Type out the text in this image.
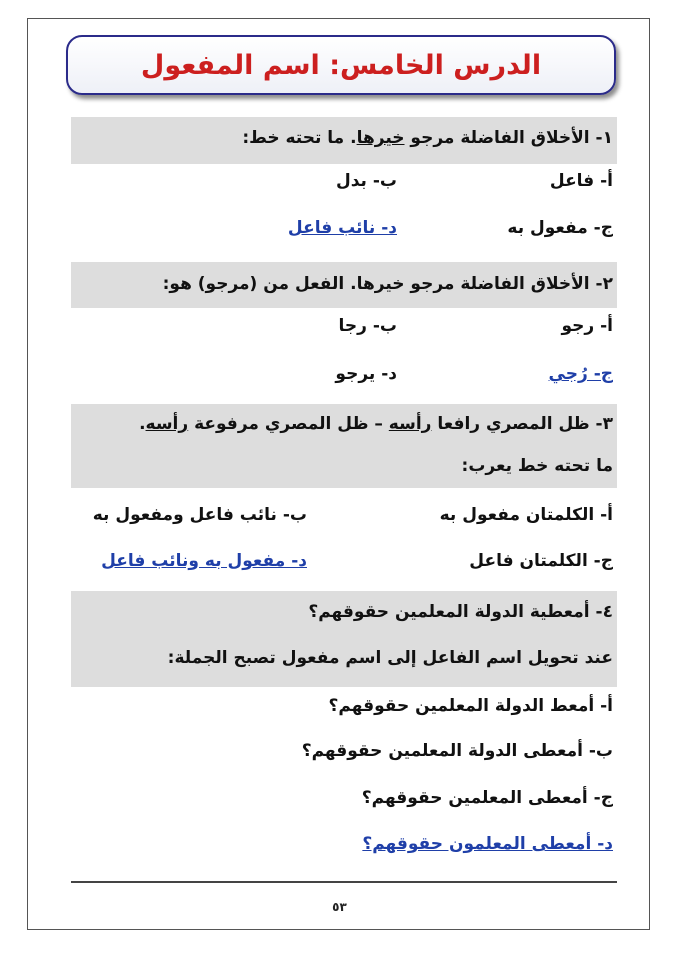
الدرس الخامس: اسم المفعول
١- الأخلاق الفاضلة مرجو خيرها. ما تحته خط:
أ- فاعل
ب- بدل
ج- مفعول به
د- نائب فاعل
٢- الأخلاق الفاضلة مرجو خيرها. الفعل من (مرجو) هو:
أ- رجو
ب- رجا
ج- رُجي
د- يرجو
٣- ظل المصري رافعا رأسه – ظل المصري مرفوعة رأسه.
ما تحته خط يعرب:
أ- الكلمتان مفعول به
ب- نائب فاعل ومفعول به
ج- الكلمتان فاعل
د- مفعول به ونائب فاعل
٤- أمعطية الدولة المعلمين حقوقهم؟
عند تحويل اسم الفاعل إلى اسم مفعول تصبح الجملة:
أ- أمعط الدولة المعلمين حقوقهم؟
ب- أمعطى الدولة المعلمين حقوقهم؟
ج- أمعطى المعلمين حقوقهم؟
د- أمعطى المعلمون حقوقهم؟
٥٣
